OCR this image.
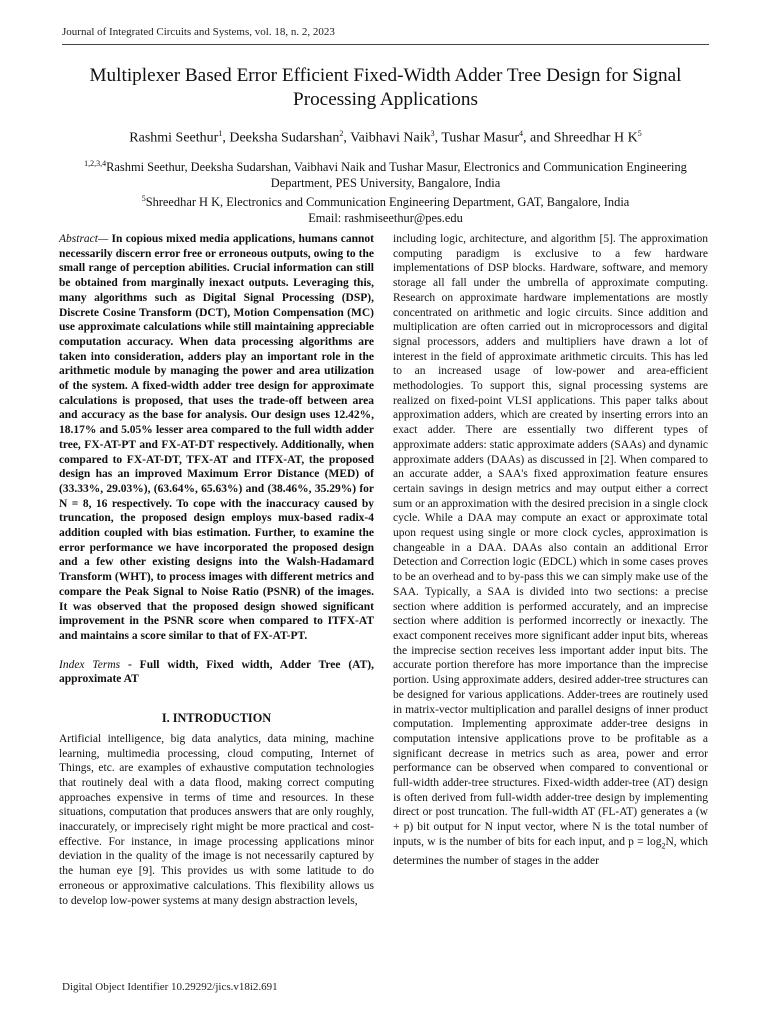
Journal of Integrated Circuits and Systems, vol. 18, n. 2, 2023
Multiplexer Based Error Efficient Fixed-Width Adder Tree Design for Signal Processing Applications
Rashmi Seethur$^1$, Deeksha Sudarshan$^2$, Vaibhavi Naik$^3$, Tushar Masur$^4$, and Shreedhar H $K^5$
$^{1,2,3,4}$Rashmi Seethur, Deeksha Sudarshan, Vaibhavi Naik and Tushar Masur, Electronics and Communication Engineering Department, PES University, Bangalore, India
$^5$Shreedhar H K, Electronics and Communication Engineering Department, GAT, Bangalore, India
Email: rashmiseethur@pes.edu

Abstract— In copious mixed media applications, humans cannot necessarily discern error free or erroneous outputs, owing to the small range of perception abilities. Crucial information can still be obtained from marginally inexact outputs. Leveraging this, many algorithms such as Digital Signal Processing (DSP), Discrete Cosine Transform (DCT), Motion Compensation (MC) use approximate calculations while still maintaining appreciable computation accuracy. When data processing algorithms are taken into consideration, adders play an important role in the arithmetic module by managing the power and area utilization of the system. A fixed-width adder tree design for approximate calculations is proposed, that uses the trade-off between area and accuracy as the base for analysis. Our design uses 12.42%, 18.17% and 5.05% lesser area compared to the full width adder tree, FX-AT-PT and FX-AT-DT respectively. Additionally, when compared to FX-AT-DT, TFX-AT and ITFX-AT, the proposed design has an improved Maximum Error Distance (MED) of (33.33%, 29.03%), (63.64%, 65.63%) and (38.46%, 35.29%) for N = 8, 16 respectively. To cope with the inaccuracy caused by truncation, the proposed design employs mux-based radix-4 addition coupled with bias estimation. Further, to examine the error performance we have incorporated the proposed design and a few other existing designs into the Walsh-Hadamard Transform (WHT), to process images with different metrics and compare the Peak Signal to Noise Ratio (PSNR) of the images. It was observed that the proposed design showed significant improvement in the PSNR score when compared to ITFX-AT and maintains a score similar to that of FX-AT-PT.

Index Terms - Full width, Fixed width, Adder Tree (AT), approximate AT

I. INTRODUCTION

Artificial intelligence, big data analytics, data mining, machine learning, multimedia processing, cloud computing, Internet of Things, etc. are examples of exhaustive computation technologies that routinely deal with a data flood, making correct computing approaches expensive in terms of time and resources. In these situations, computation that produces answers that are only roughly, inaccurately, or imprecisely right might be more practical and cost-effective. For instance, in image processing applications minor deviation in the quality of the image is not necessarily captured by the human eye [9]. This provides us with some latitude to do erroneous or approximative calculations. This flexibility allows us to develop low-power systems at many design abstraction levels,

including logic, architecture, and algorithm [5]. The approximation computing paradigm is exclusive to a few hardware implementations of DSP blocks. Hardware, software, and memory storage all fall under the umbrella of approximate computing. Research on approximate hardware implementations are mostly concentrated on arithmetic and logic circuits. Since addition and multiplication are often carried out in microprocessors and digital signal processors, adders and multipliers have drawn a lot of interest in the field of approximate arithmetic circuits. This has led to an increased usage of low-power and area-efficient methodologies. To support this, signal processing systems are realized on fixed-point VLSI applications. This paper talks about approximation adders, which are created by inserting errors into an exact adder. There are essentially two different types of approximate adders: static approximate adders (SAAs) and dynamic approximate adders (DAAs) as discussed in [2]. When compared to an accurate adder, a SAA's fixed approximation feature ensures certain savings in design metrics and may output either a correct sum or an approximation with the desired precision in a single clock cycle. While a DAA may compute an exact or approximate total upon request using single or more clock cycles, approximation is changeable in a DAA. DAAs also contain an additional Error Detection and Correction logic (EDCL) which in some cases proves to be an overhead and to by-pass this we can simply make use of the SAA. Typically, a SAA is divided into two sections: a precise section where addition is performed accurately, and an imprecise section where addition is performed incorrectly or inexactly. The exact component receives more significant adder input bits, whereas the imprecise section receives less important adder input bits. The accurate portion therefore has more importance than the imprecise portion. Using approximate adders, desired adder-tree structures can be designed for various applications. Adder-trees are routinely used in matrix-vector multiplication and parallel designs of inner product computation. Implementing approximate adder-tree designs in computation intensive applications prove to be profitable as a significant decrease in metrics such as area, power and error performance can be observed when compared to conventional or full-width adder-tree structures. Fixed-width adder-tree (AT) design is often derived from full-width adder-tree design by implementing direct or post truncation. The full-width AT (FL-AT) generates a (w + p) bit output for N input vector, where N is the total number of inputs, w is the number of bits for each input, and $p = \log_2N$, which determines the number of stages in the adder

Digital Object Identifier 10.29292/jics.v18i2.691
